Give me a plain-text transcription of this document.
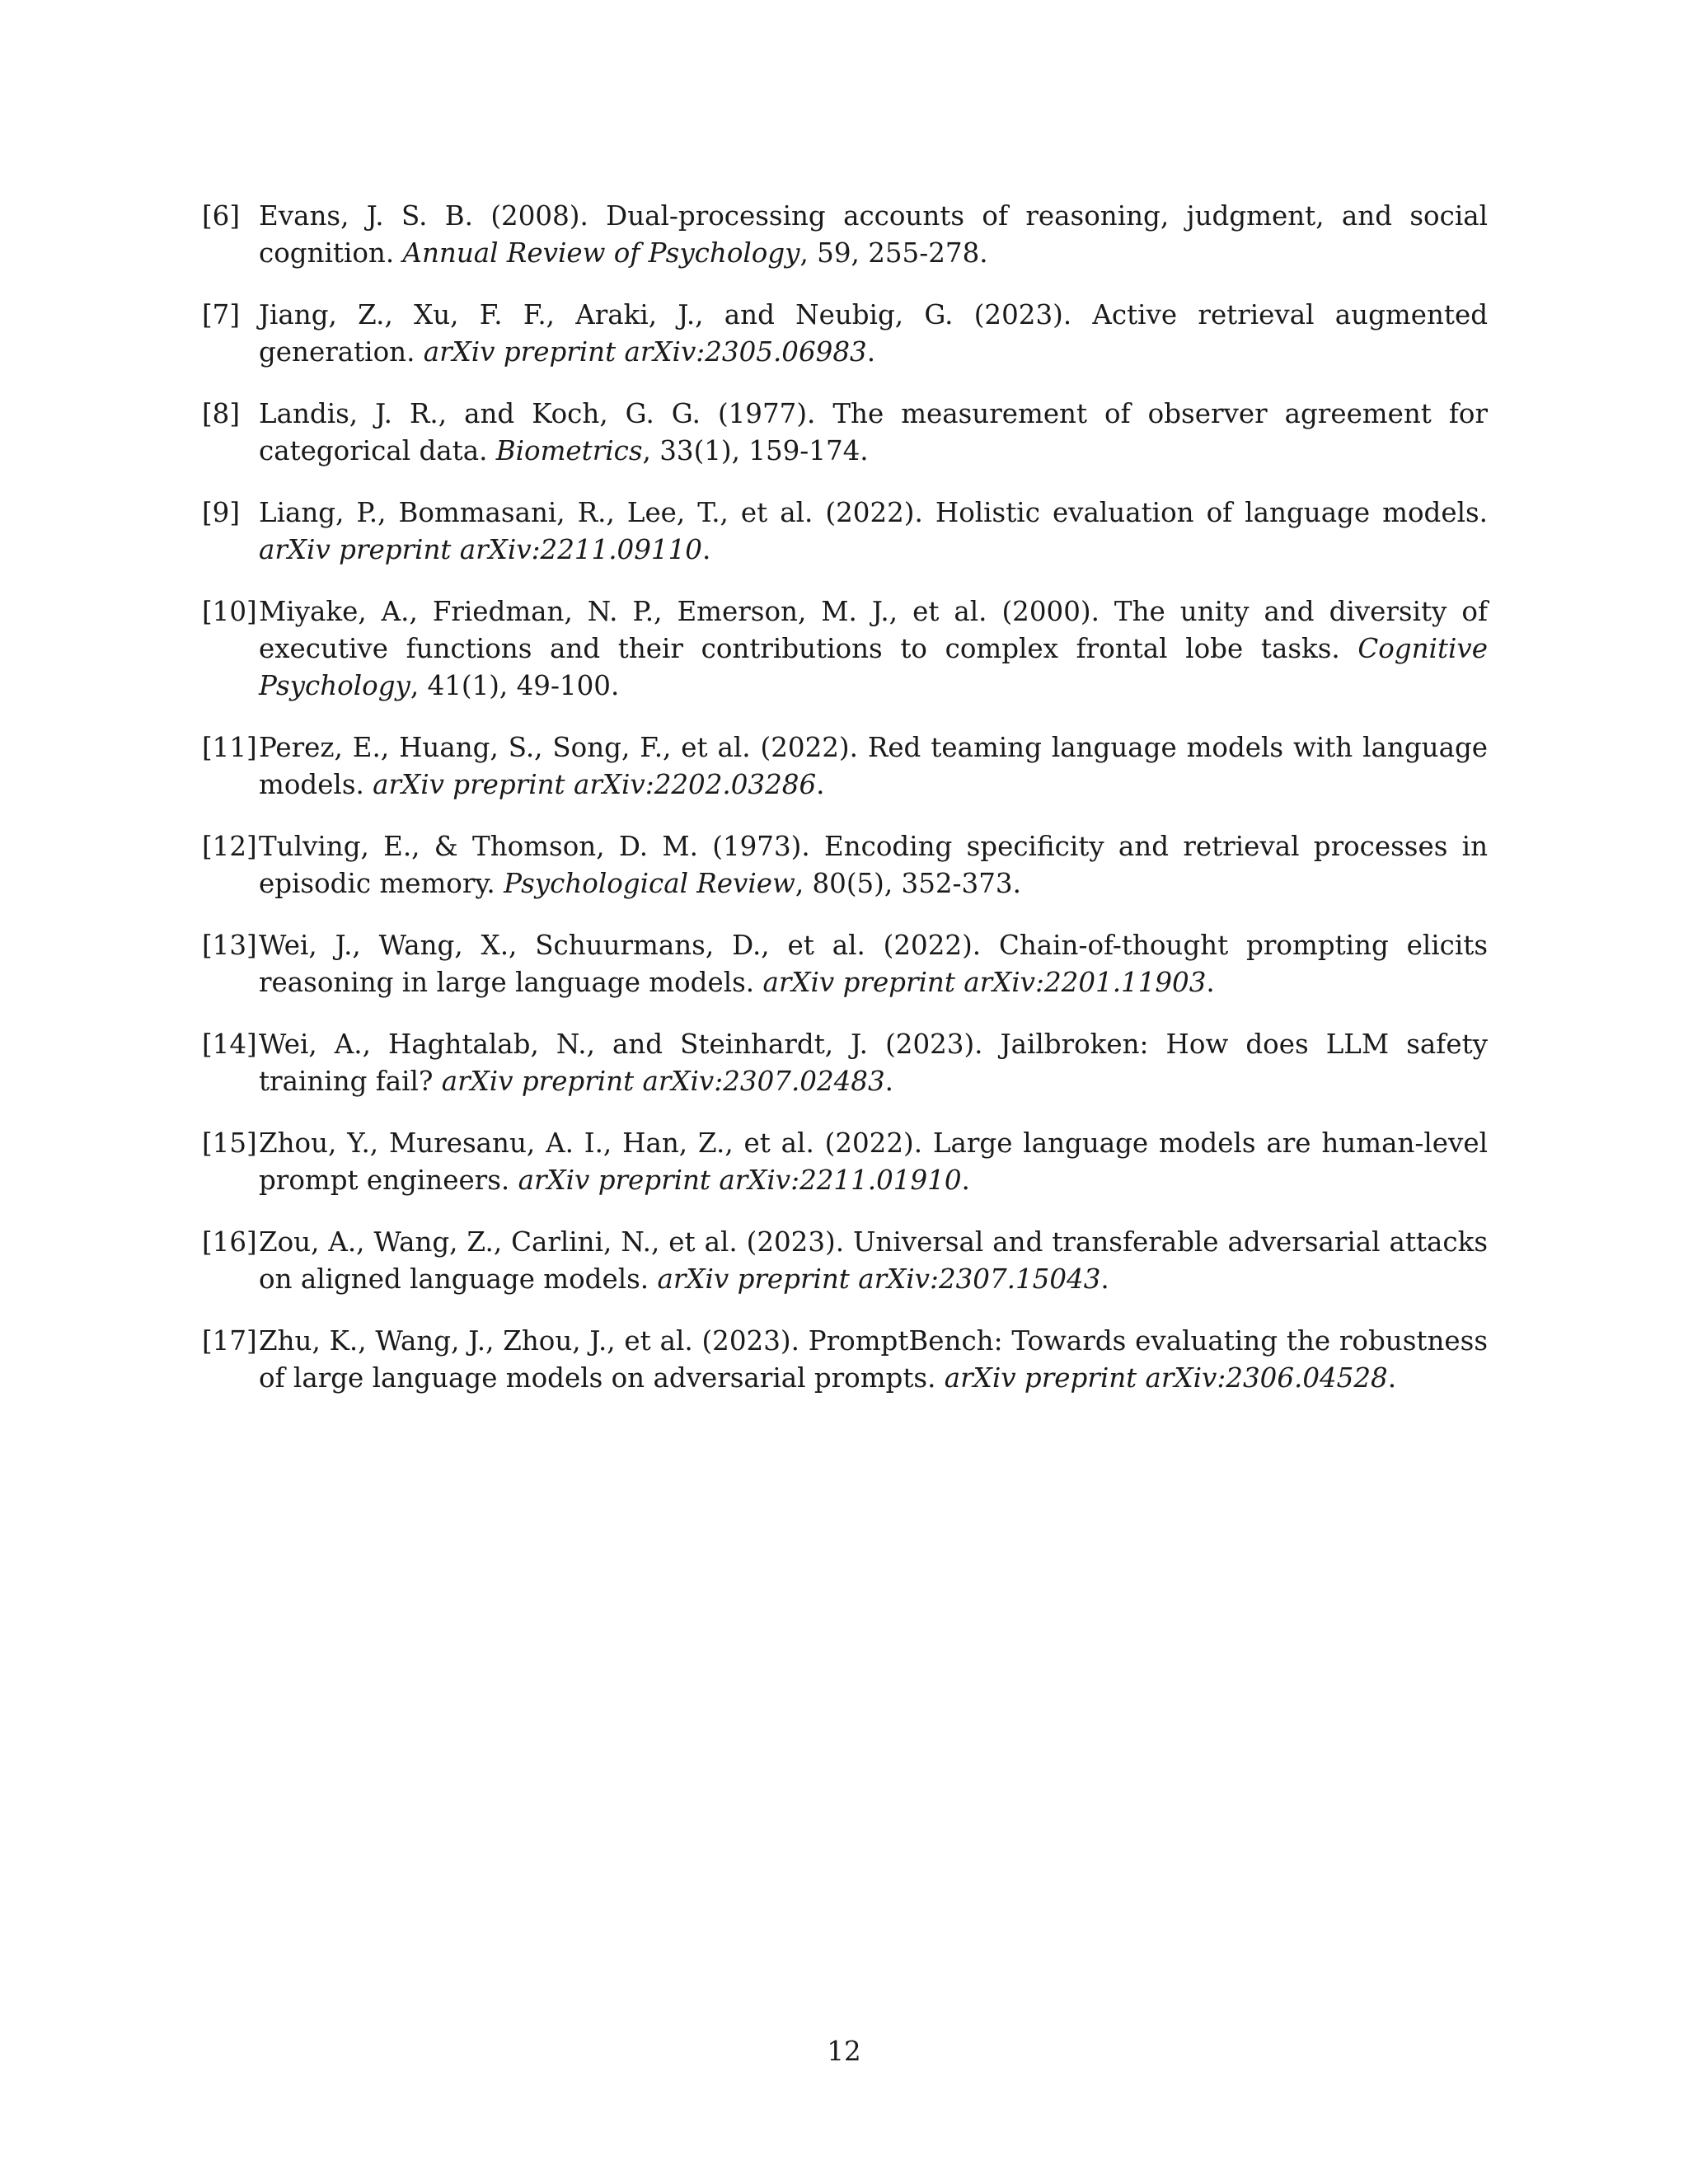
[6] Evans, J. S. B. (2008). Dual-processing accounts of reasoning, judgment, and social cognition. Annual Review of Psychology, 59, 255-278.
[7] Jiang, Z., Xu, F. F., Araki, J., and Neubig, G. (2023). Active retrieval augmented generation. arXiv preprint arXiv:2305.06983.
[8] Landis, J. R., and Koch, G. G. (1977). The measurement of observer agreement for categorical data. Biometrics, 33(1), 159-174.
[9] Liang, P., Bommasani, R., Lee, T., et al. (2022). Holistic evaluation of language models. arXiv preprint arXiv:2211.09110.
[10] Miyake, A., Friedman, N. P., Emerson, M. J., et al. (2000). The unity and diversity of executive functions and their contributions to complex frontal lobe tasks. Cognitive Psychology, 41(1), 49-100.
[11] Perez, E., Huang, S., Song, F., et al. (2022). Red teaming language models with language models. arXiv preprint arXiv:2202.03286.
[12] Tulving, E., & Thomson, D. M. (1973). Encoding specificity and retrieval processes in episodic memory. Psychological Review, 80(5), 352-373.
[13] Wei, J., Wang, X., Schuurmans, D., et al. (2022). Chain-of-thought prompting elicits reasoning in large language models. arXiv preprint arXiv:2201.11903.
[14] Wei, A., Haghtalab, N., and Steinhardt, J. (2023). Jailbroken: How does LLM safety training fail? arXiv preprint arXiv:2307.02483.
[15] Zhou, Y., Muresanu, A. I., Han, Z., et al. (2022). Large language models are human-level prompt engineers. arXiv preprint arXiv:2211.01910.
[16] Zou, A., Wang, Z., Carlini, N., et al. (2023). Universal and transferable adversarial attacks on aligned language models. arXiv preprint arXiv:2307.15043.
[17] Zhu, K., Wang, J., Zhou, J., et al. (2023). PromptBench: Towards evaluating the robustness of large language models on adversarial prompts. arXiv preprint arXiv:2306.04528.
12
